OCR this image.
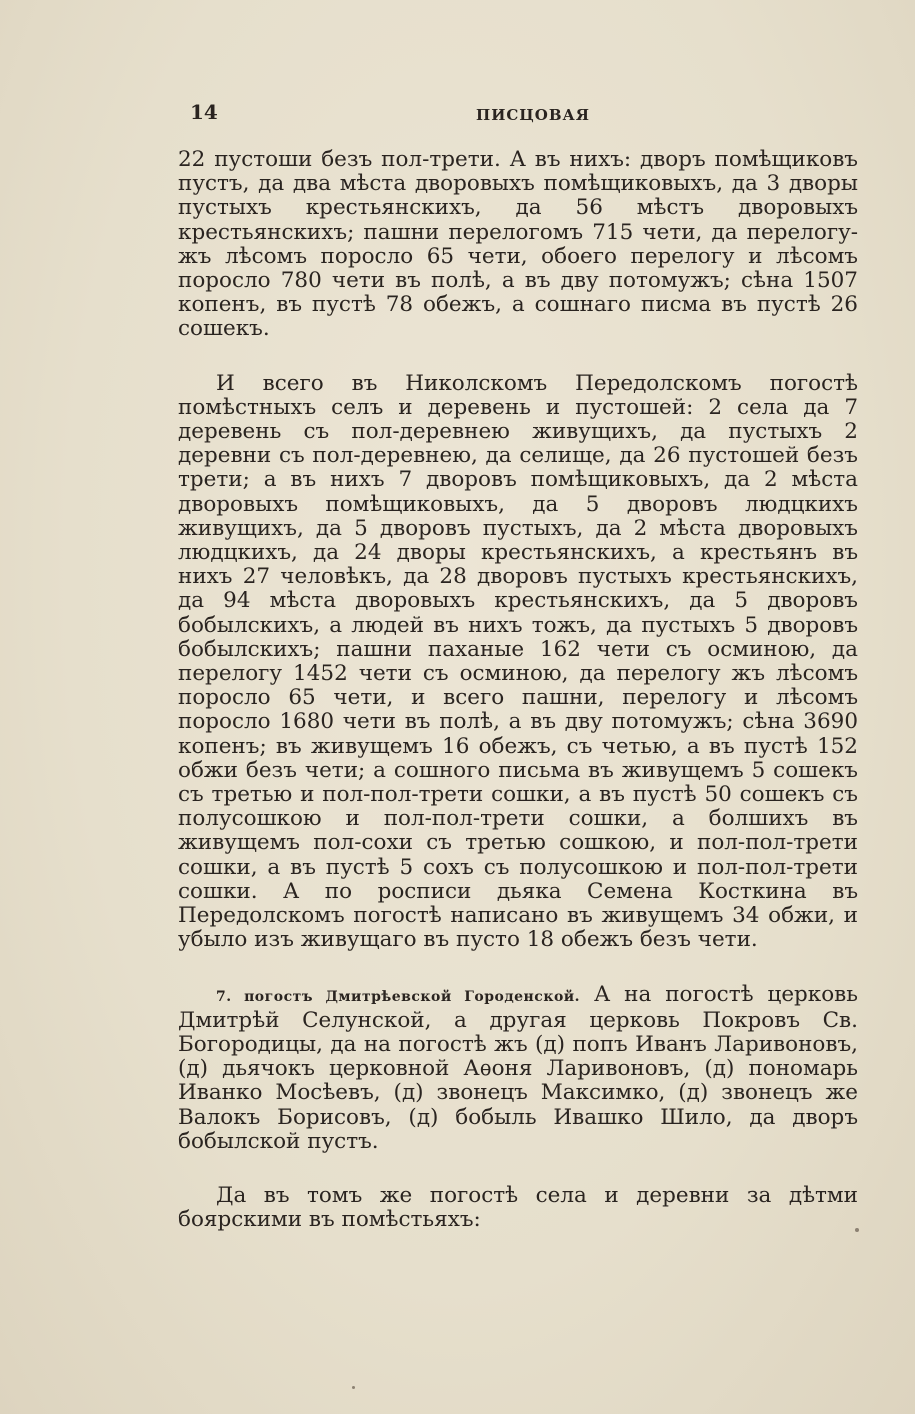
14	ПИСЦОВАЯ

22 пустоши безъ пол-трети. А въ нихъ: дворъ помѣщиковъ пустъ, да два мѣста дворовыхъ помѣщиковыхъ, да 3 дворы пустыхъ крестьянскихъ, да 56 мѣстъ дворовыхъ крестьянскихъ; пашни перелогомъ 715 чети, да перелогу-жъ лѣсомъ поросло 65 чети, обоего перелогу и лѣсомъ поросло 780 чети въ полѣ, а въ дву потомужъ; сѣна 1507 копенъ, въ пустѣ 78 обежъ, а сошнаго писма въ пустѣ 26 сошекъ.

И всего въ Николскомъ Передолскомъ погостѣ помѣстныхъ селъ и деревень и пустошей: 2 села да 7 деревень съ пол-деревнею живущихъ, да пустыхъ 2 деревни съ пол-деревнею, да селище, да 26 пустошей безъ трети; а въ нихъ 7 дворовъ помѣщиковыхъ, да 2 мѣста дворовыхъ помѣщиковыхъ, да 5 дворовъ людцкихъ живущихъ, да 5 дворовъ пустыхъ, да 2 мѣста дворовыхъ людцкихъ, да 24 дворы крестьянскихъ, а крестьянъ въ нихъ 27 человѣкъ, да 28 дворовъ пустыхъ крестьянскихъ, да 94 мѣста дворовыхъ крестьянскихъ, да 5 дворовъ бобылскихъ, а людей въ нихъ тожъ, да пустыхъ 5 дворовъ бобылскихъ; пашни паханые 162 чети съ осминою, да перелогу 1452 чети съ осминою, да перелогу жъ лѣсомъ поросло 65 чети, и всего пашни, перелогу и лѣсомъ поросло 1680 чети въ полѣ, а въ дву потомужъ; сѣна 3690 копенъ; въ живущемъ 16 обежъ, съ четью, а въ пустѣ 152 обжи безъ чети; а сошного письма въ живущемъ 5 сошекъ съ третью и пол-пол-трети сошки, а въ пустѣ 50 сошекъ съ полусошкою и пол-пол-трети сошки, а болшихъ въ живущемъ пол-сохи съ третью сошкою, и пол-пол-трети сошки, а въ пустѣ 5 сохъ съ полусошкою и пол-пол-трети сошки. А по росписи дьяка Семена Косткина въ Передолскомъ погостѣ написано въ живущемъ 34 обжи, и убыло изъ живущаго въ пусто 18 обежъ безъ чети.

7. погостъ Дмитрѣевской Городенской. А на погостѣ церковь Дмитрѣй Селунской, а другая церковь Покровъ Св. Богородицы, да на погостѣ жъ (д) попъ Иванъ Ларивоновъ, (д) дьячокъ церковной Аѳоня Ларивоновъ, (д) пономарь Иванко Мосѣевъ, (д) звонецъ Максимко, (д) звонецъ же Валокъ Борисовъ, (д) бобыль Ивашко Шило, да дворъ бобылской пустъ.

Да въ томъ же погостѣ села и деревни за дѣтми боярскими въ помѣстьяхъ:
